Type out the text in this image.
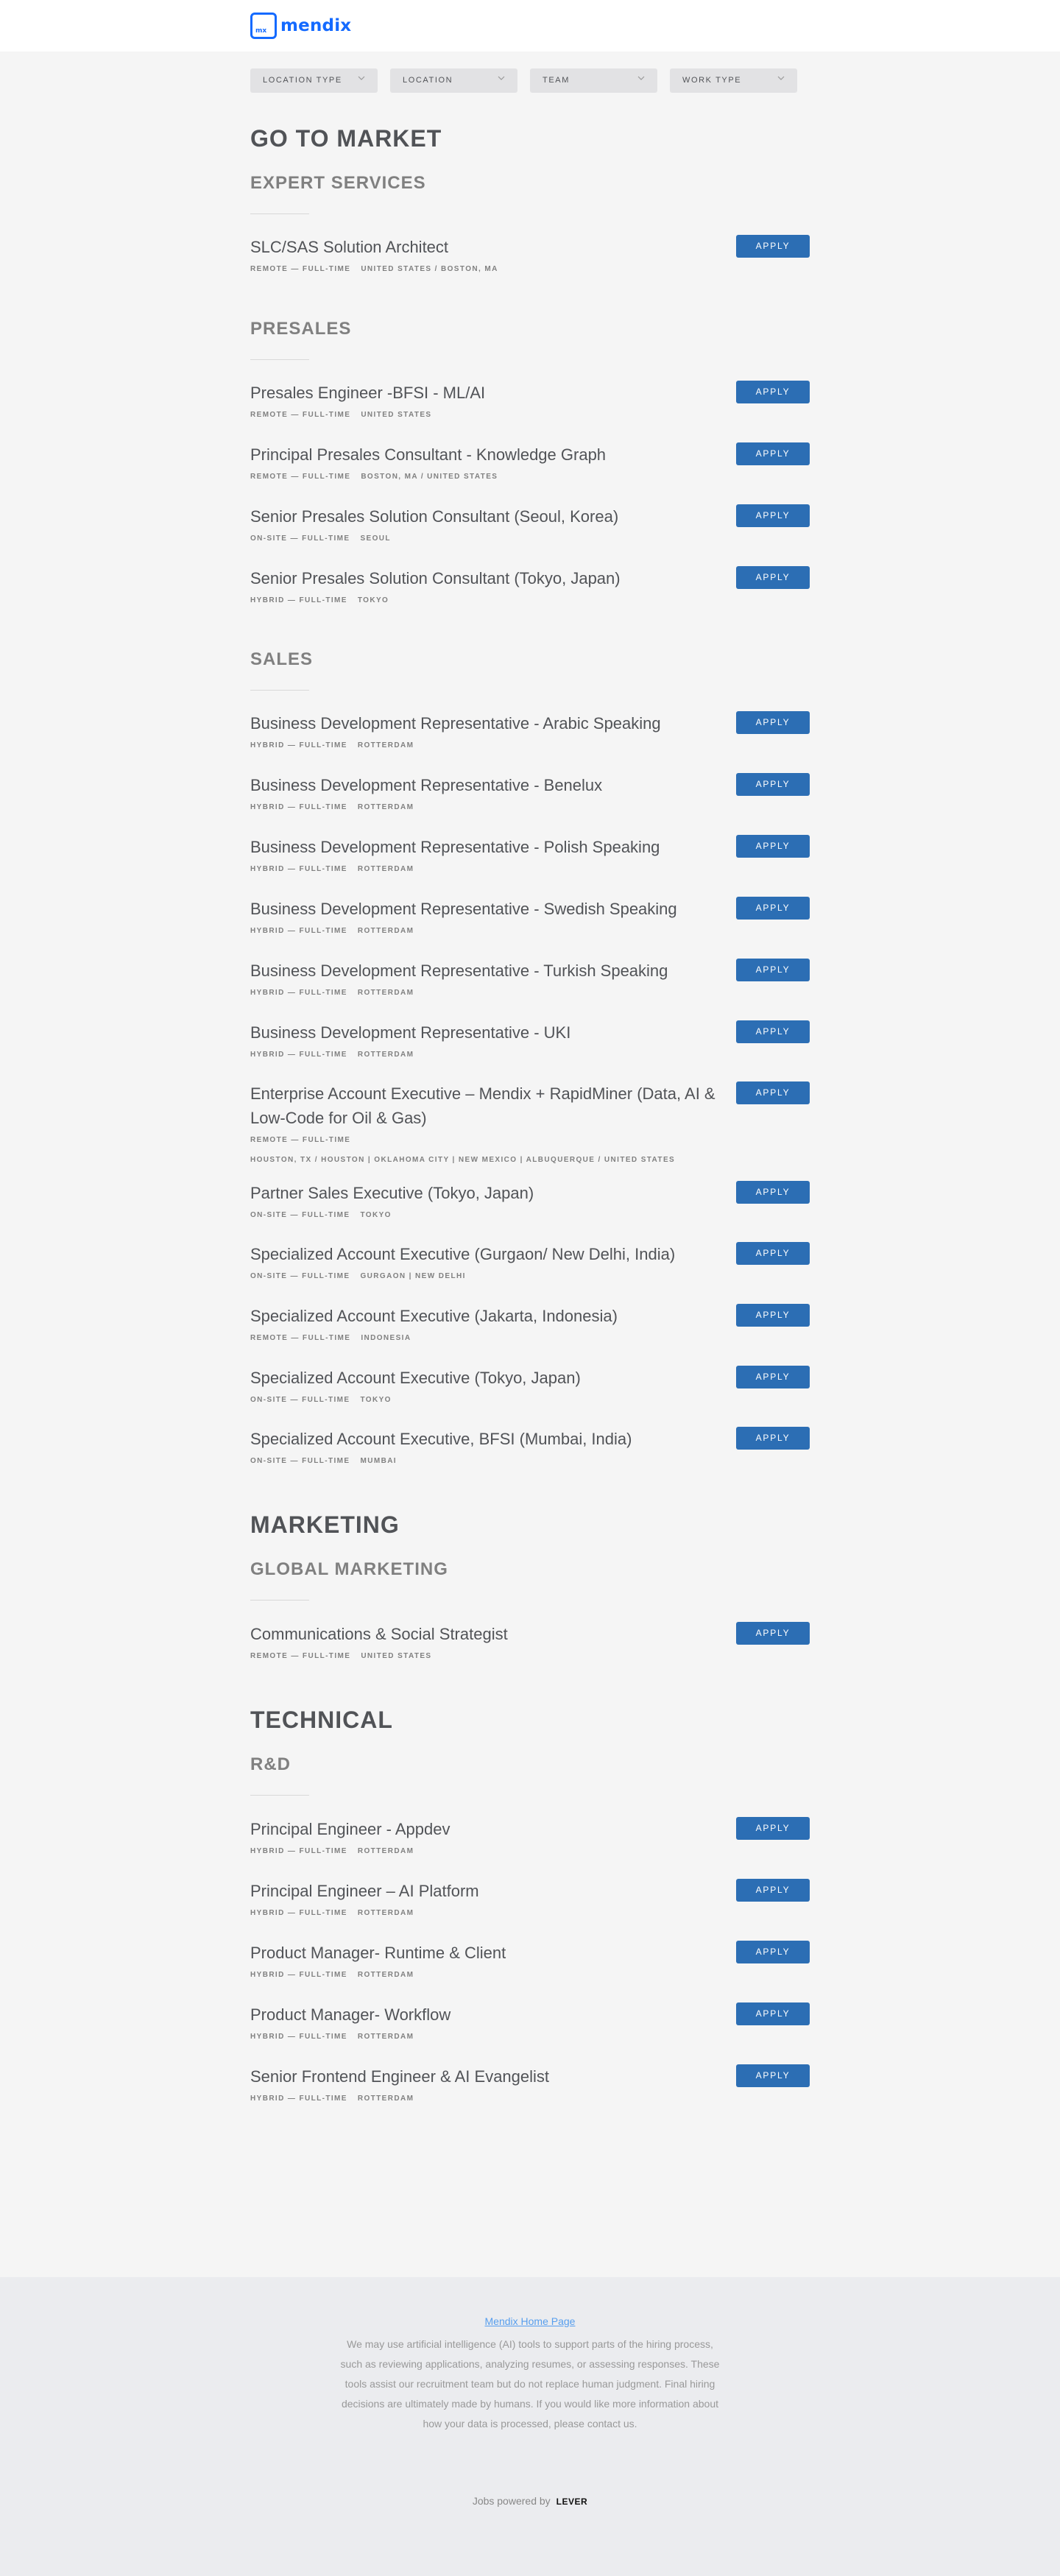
mx mendix
LOCATION TYPE	LOCATION	TEAM	WORK TYPE
GO TO MARKET
EXPERT SERVICES
SLC/SAS Solution Architect
REMOTE — FULL-TIME UNITED STATES / BOSTON, MA
APPLY
PRESALES
Presales Engineer -BFSI - ML/AI
REMOTE — FULL-TIME UNITED STATES
APPLY
Principal Presales Consultant - Knowledge Graph
REMOTE — FULL-TIME BOSTON, MA / UNITED STATES
APPLY
Senior Presales Solution Consultant (Seoul, Korea)
ON-SITE — FULL-TIME SEOUL
APPLY
Senior Presales Solution Consultant (Tokyo, Japan)
HYBRID — FULL-TIME TOKYO
APPLY
SALES
Business Development Representative - Arabic Speaking
HYBRID — FULL-TIME ROTTERDAM
APPLY
Business Development Representative - Benelux
HYBRID — FULL-TIME ROTTERDAM
APPLY
Business Development Representative - Polish Speaking
HYBRID — FULL-TIME ROTTERDAM
APPLY
Business Development Representative - Swedish Speaking
HYBRID — FULL-TIME ROTTERDAM
APPLY
Business Development Representative - Turkish Speaking
HYBRID — FULL-TIME ROTTERDAM
APPLY
Business Development Representative - UKI
HYBRID — FULL-TIME ROTTERDAM
APPLY
Enterprise Account Executive – Mendix + RapidMiner (Data, AI & Low-Code for Oil & Gas)
REMOTE — FULL-TIME
HOUSTON, TX / HOUSTON | OKLAHOMA CITY | NEW MEXICO | ALBUQUERQUE / UNITED STATES
APPLY
Partner Sales Executive (Tokyo, Japan)
ON-SITE — FULL-TIME TOKYO
APPLY
Specialized Account Executive (Gurgaon/ New Delhi, India)
ON-SITE — FULL-TIME GURGAON | NEW DELHI
APPLY
Specialized Account Executive (Jakarta, Indonesia)
REMOTE — FULL-TIME INDONESIA
APPLY
Specialized Account Executive (Tokyo, Japan)
ON-SITE — FULL-TIME TOKYO
APPLY
Specialized Account Executive, BFSI (Mumbai, India)
ON-SITE — FULL-TIME MUMBAI
APPLY
MARKETING
GLOBAL MARKETING
Communications & Social Strategist
REMOTE — FULL-TIME UNITED STATES
APPLY
TECHNICAL
R&D
Principal Engineer - Appdev
HYBRID — FULL-TIME ROTTERDAM
APPLY
Principal Engineer – AI Platform
HYBRID — FULL-TIME ROTTERDAM
APPLY
Product Manager- Runtime & Client
HYBRID — FULL-TIME ROTTERDAM
APPLY
Product Manager- Workflow
HYBRID — FULL-TIME ROTTERDAM
APPLY
Senior Frontend Engineer & AI Evangelist
HYBRID — FULL-TIME ROTTERDAM
APPLY
Mendix Home Page
We may use artificial intelligence (AI) tools to support parts of the hiring process, such as reviewing applications, analyzing resumes, or assessing responses. These tools assist our recruitment team but do not replace human judgment. Final hiring decisions are ultimately made by humans. If you would like more information about how your data is processed, please contact us.
Jobs powered by LEVER
